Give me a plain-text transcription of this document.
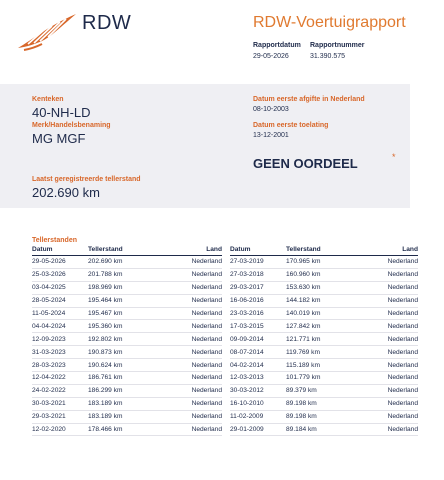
RDW	RDW-Voertuigrapport
Rapportdatum
29-05-2026
Rapportnummer
31.390.575
Kenteken
40-NH-LD
Merk/Handelsbenaming
MG MGF
Laatst geregistreerde tellerstand
202.690 km
Datum eerste afgifte in Nederland
08-10-2003
Datum eerste toelating
13-12-2001
GEEN OORDEEL	*
Tellerstanden
Datum	Tellerstand	Land
29-05-2026	202.690 km	Nederland
25-03-2026	201.788 km	Nederland
03-04-2025	198.969 km	Nederland
28-05-2024	195.464 km	Nederland
11-05-2024	195.467 km	Nederland
04-04-2024	195.360 km	Nederland
12-09-2023	192.802 km	Nederland
31-03-2023	190.873 km	Nederland
28-03-2023	190.624 km	Nederland
12-04-2022	186.761 km	Nederland
24-02-2022	186.299 km	Nederland
30-03-2021	183.189 km	Nederland
29-03-2021	183.189 km	Nederland
12-02-2020	178.466 km	Nederland
Datum	Tellerstand	Land
27-03-2019	170.965 km	Nederland
27-03-2018	160.960 km	Nederland
29-03-2017	153.630 km	Nederland
16-06-2016	144.182 km	Nederland
23-03-2016	140.019 km	Nederland
17-03-2015	127.842 km	Nederland
09-09-2014	121.771 km	Nederland
08-07-2014	119.769 km	Nederland
04-02-2014	115.189 km	Nederland
12-03-2013	101.779 km	Nederland
30-03-2012	89.379 km	Nederland
16-10-2010	89.198 km	Nederland
11-02-2009	89.198 km	Nederland
29-01-2009	89.184 km	Nederland
